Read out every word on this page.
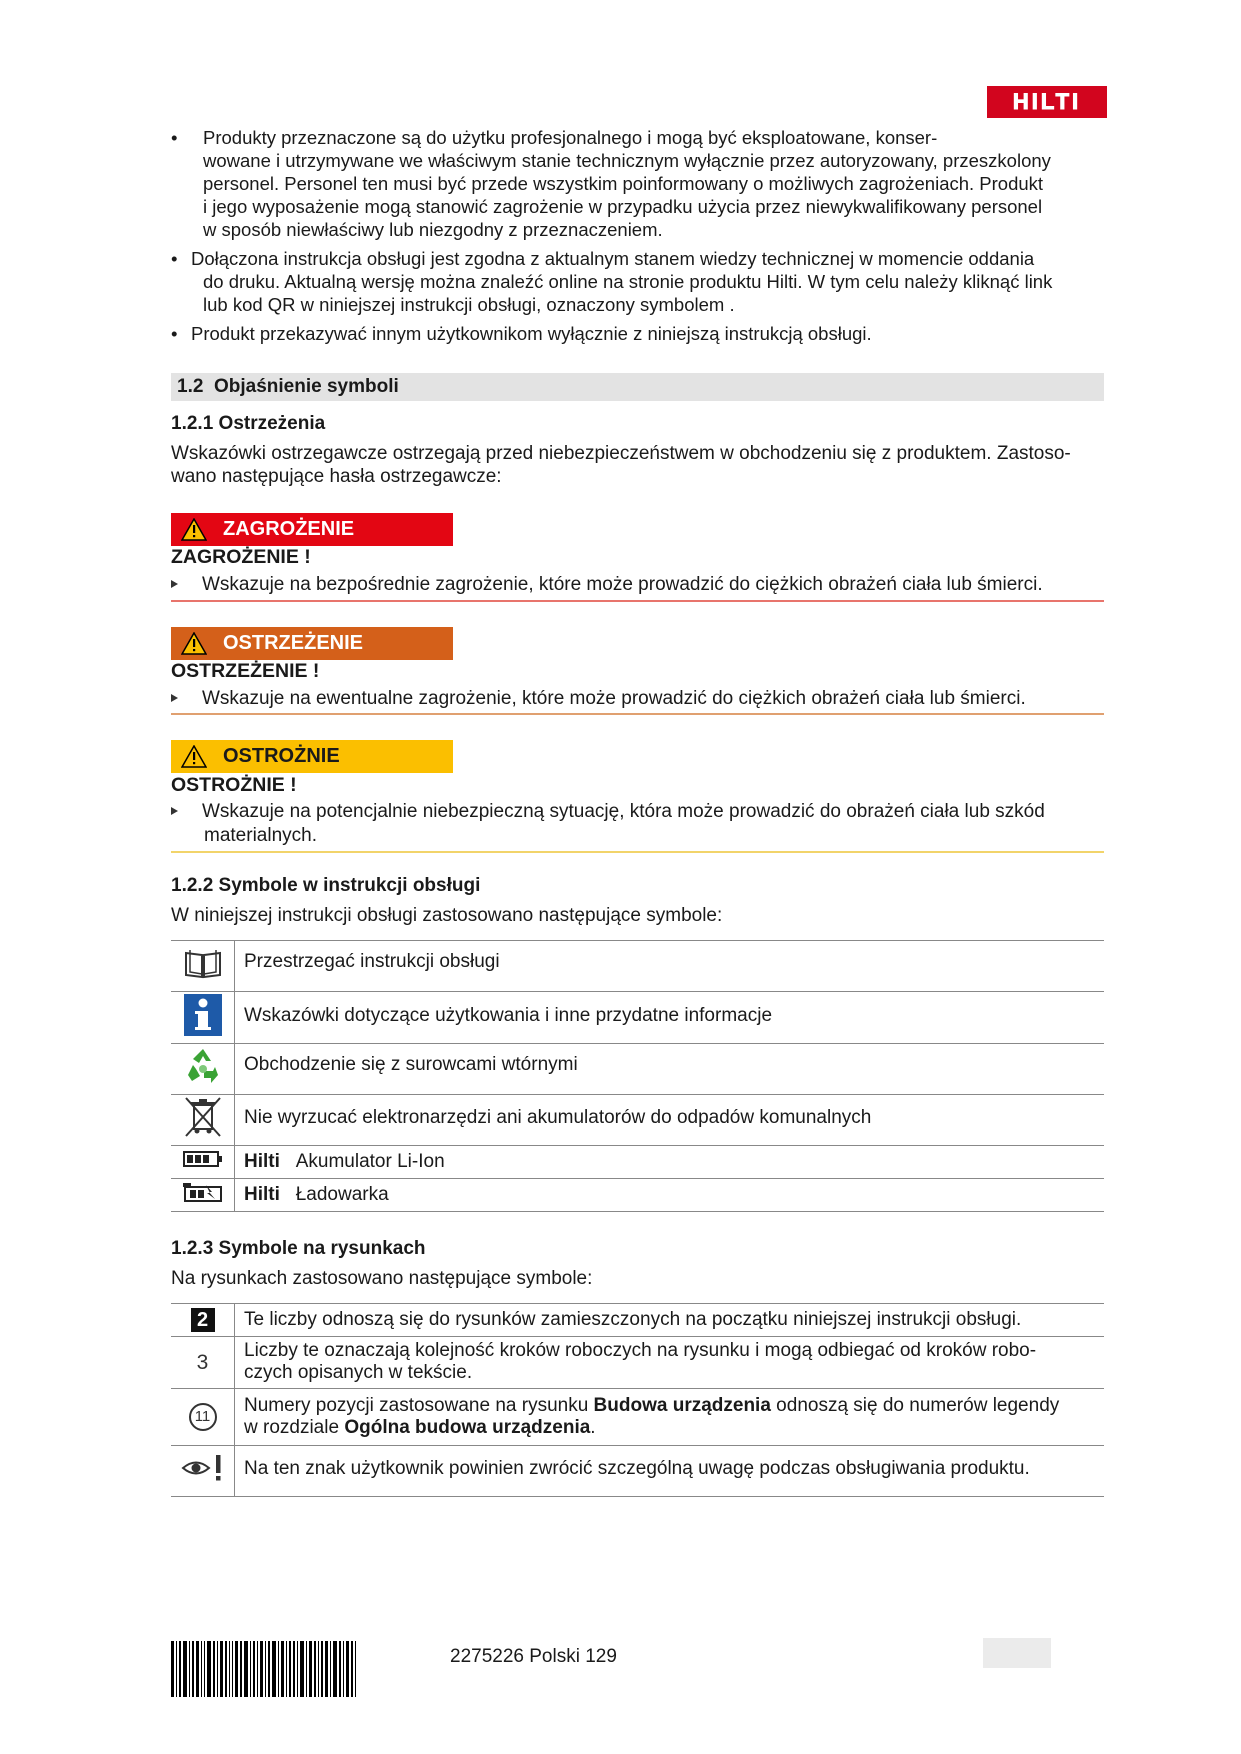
HILTI
• Produkty przeznaczone są do użytku profesjonalnego i mogą być eksploatowane, konser-
wowane i utrzymywane we właściwym stanie technicznym wyłącznie przez autoryzowany, przeszkolony
personel. Personel ten musi być przede wszystkim poinformowany o możliwych zagrożeniach. Produkt
i jego wyposażenie mogą stanowić zagrożenie w przypadku użycia przez niewykwalifikowany personel
w sposób niewłaściwy lub niezgodny z przeznaczeniem.
• Dołączona instrukcja obsługi jest zgodna z aktualnym stanem wiedzy technicznej w momencie oddania
do druku. Aktualną wersję można znaleźć online na stronie produktu Hilti. W tym celu należy kliknąć link
lub kod QR w niniejszej instrukcji obsługi, oznaczony symbolem .
• Produkt przekazywać innym użytkownikom wyłącznie z niniejszą instrukcją obsługi.
1.2 Objaśnienie symboli
1.2.1 Ostrzeżenia
Wskazówki ostrzegawcze ostrzegają przed niebezpieczeństwem w obchodzeniu się z produktem. Zastoso-
wano następujące hasła ostrzegawcze:
ZAGROŻENIE
ZAGROŻENIE !
Wskazuje na bezpośrednie zagrożenie, które może prowadzić do ciężkich obrażeń ciała lub śmierci.
OSTRZEŻENIE
OSTRZEŻENIE !
Wskazuje na ewentualne zagrożenie, które może prowadzić do ciężkich obrażeń ciała lub śmierci.
OSTROŻNIE
OSTROŻNIE !
Wskazuje na potencjalnie niebezpieczną sytuację, która może prowadzić do obrażeń ciała lub szkód
materialnych.
1.2.2 Symbole w instrukcji obsługi
W niniejszej instrukcji obsługi zastosowano następujące symbole:
	Przestrzegać instrukcji obsługi
	Wskazówki dotyczące użytkowania i inne przydatne informacje
	Obchodzenie się z surowcami wtórnymi
	Nie wyrzucać elektronarzędzi ani akumulatorów do odpadów komunalnych
	Hilti Akumulator Li-Ion
	Hilti Ładowarka
1.2.3 Symbole na rysunkach
Na rysunkach zastosowano następujące symbole:
2	Te liczby odnoszą się do rysunków zamieszczonych na początku niniejszej instrukcji obsługi.
3	Liczby te oznaczają kolejność kroków roboczych na rysunku i mogą odbiegać od kroków robo-
czych opisanych w tekście.

11	Numery pozycji zastosowane na rysunku Budowa urządzenia odnoszą się do numerów legendy
w rozdziale Ogólna budowa urządzenia.

	Na ten znak użytkownik powinien zwrócić szczególną uwagę podczas obsługiwania produktu.
2275226 Polski 129
